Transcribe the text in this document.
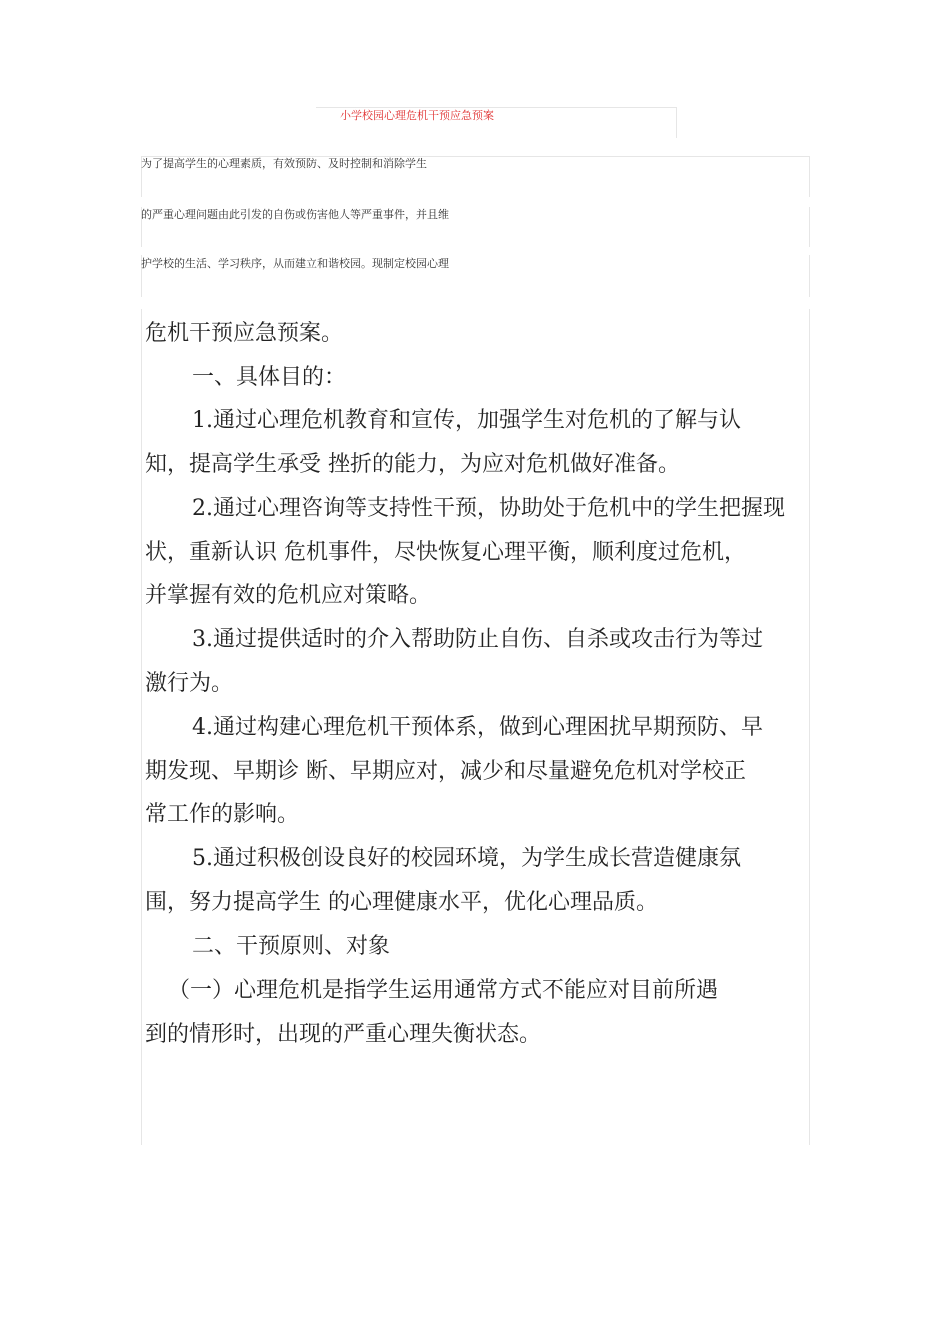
小学校园心理危机干预应急预案
为了提高学生的心理素质，有效预防、及时控制和消除学生
的严重心理问题由此引发的自伤或伤害他人等严重事件，并且维
护学校的生活、学习秩序，从而建立和谐校园。现制定校园心理
危机干预应急预案。
一、具体目的：
1.通过心理危机教育和宣传，加强学生对危机的了解与认
知，提高学生承受 挫折的能力，为应对危机做好准备。
2.通过心理咨询等支持性干预，协助处于危机中的学生把握现
状，重新认识 危机事件，尽快恢复心理平衡，顺利度过危机，
并掌握有效的危机应对策略。
3.通过提供适时的介入帮助防止自伤、自杀或攻击行为等过
激行为。
4.通过构建心理危机干预体系，做到心理困扰早期预防、早
期发现、早期诊 断、早期应对，减少和尽量避免危机对学校正
常工作的影响。
5.通过积极创设良好的校园环境，为学生成长营造健康氛
围，努力提高学生 的心理健康水平，优化心理品质。
二、干预原则、对象
（一）心理危机是指学生运用通常方式不能应对目前所遇
到的情形时，出现的严重心理失衡状态。
